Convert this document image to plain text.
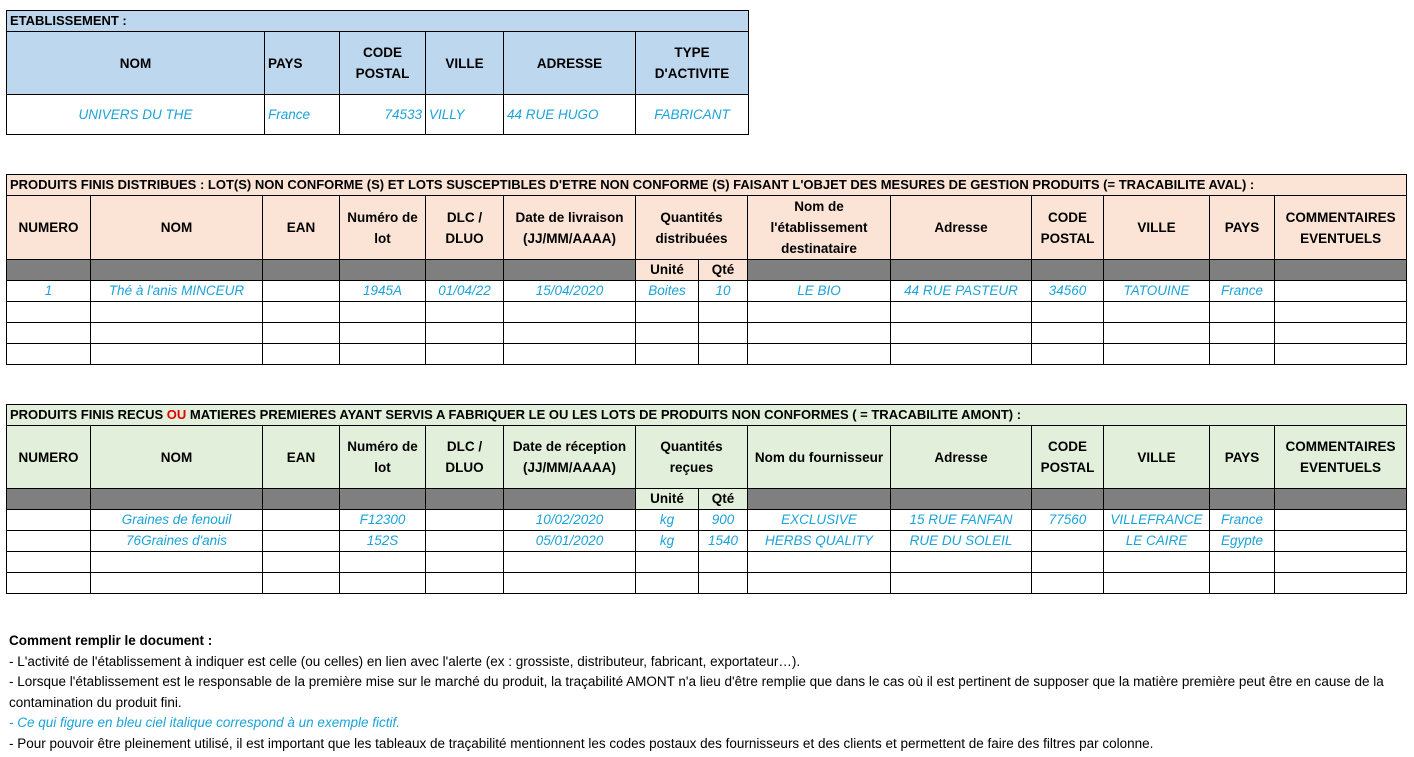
ETABLISSEMENT :					
NOM	PAYS	CODE POSTAL	VILLE	ADRESSE	TYPE D'ACTIVITE
UNIVERS DU THE	France	74533	VILLY	44 RUE HUGO	FABRICANT
PRODUITS FINIS DISTRIBUES : LOT(S) NON CONFORME (S) ET LOTS SUSCEPTIBLES D'ETRE NON CONFORME (S) FAISANT L'OBJET DES MESURES DE GESTION PRODUITS (= TRACABILITE AVAL) :													
NUMERO	NOM	EAN	Numéro de lot	DLC / DLUO	Date de livraison (JJ/MM/AAAA)	Quantités distribuées		Nom de l'établissement destinataire	Adresse	CODE POSTAL	VILLE	PAYS	COMMENTAIRES EVENTUELS
						Unité	Qté						
1	Thé à l'anis MINCEUR		1945A	01/04/22	15/04/2020	Boites	10	LE BIO	44 RUE PASTEUR	34560	TATOUINE	France	

PRODUITS FINIS RECUS OU MATIERES PREMIERES AYANT SERVIS A FABRIQUER LE OU LES LOTS DE PRODUITS NON CONFORMES ( = TRACABILITE AMONT) :													
NUMERO	NOM	EAN	Numéro de lot	DLC / DLUO	Date de réception (JJ/MM/AAAA)	Quantités reçues		Nom du fournisseur	Adresse	CODE POSTAL	VILLE	PAYS	COMMENTAIRES EVENTUELS
						Unité	Qté						
	Graines de fenouil		F12300		10/02/2020	kg	900	EXCLUSIVE	15 RUE FANFAN	77560	VILLEFRANCE	France	
	76Graines d'anis		152S		05/01/2020	kg	1540	HERBS QUALITY	RUE DU SOLEIL		LE CAIRE	Egypte	

Comment remplir le document :
- L'activité de l'établissement à indiquer est celle (ou celles) en lien avec l'alerte (ex : grossiste, distributeur, fabricant, exportateur…).
- Lorsque l'établissement est le responsable de la première mise sur le marché du produit, la traçabilité AMONT n'a lieu d'être remplie que dans le cas où il est pertinent de supposer que la matière première peut être en cause de la contamination du produit fini.
- Ce qui figure en bleu ciel italique correspond à un exemple fictif.
- Pour pouvoir être pleinement utilisé, il est important que les tableaux de traçabilité mentionnent les codes postaux des fournisseurs et des clients et permettent de faire des filtres par colonne.
